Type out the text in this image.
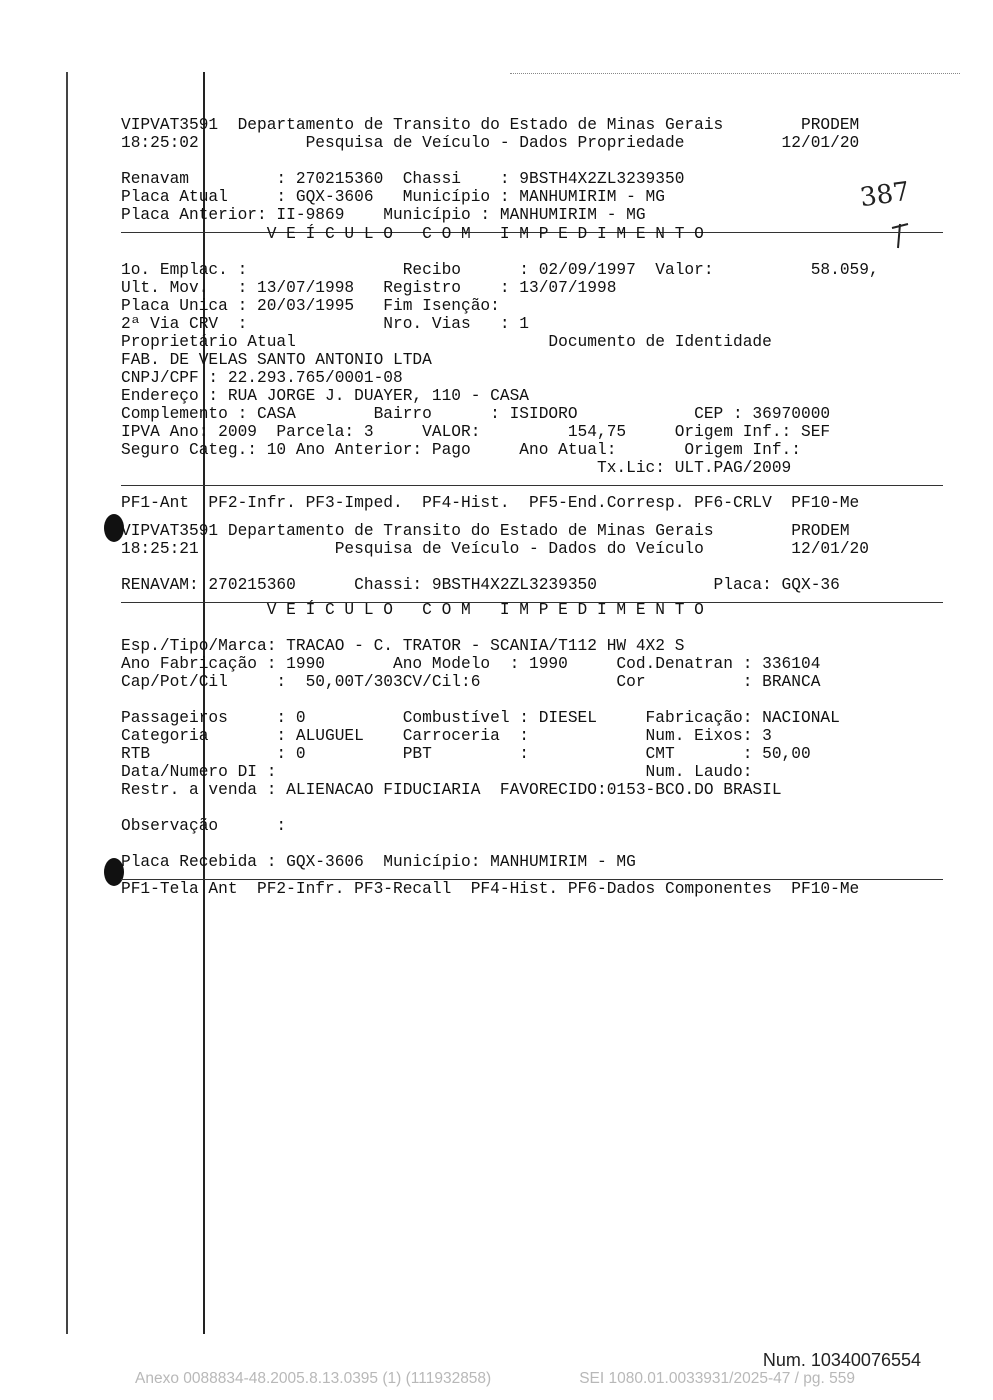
387
VIPVAT3591  Departamento de Transito do Estado de Minas Gerais        PRODEM
18:25:02           Pesquisa de Veículo - Dados Propriedade          12/01/20
Renavam         : 270215360  Chassi    : 9BSTH4X2ZL3239350
Placa Atual     : GQX-3606   Município : MANHUMIRIM - MG
Placa Anterior: II-9869    Município : MANHUMIRIM - MG
V E Í C U L O   C O M   I M P E D I M E N T O
1o. Emplac. :                Recibo      : 02/09/1997  Valor:          58.059,
Ult. Mov.   : 13/07/1998   Registro    : 13/07/1998
Placa Unica : 20/03/1995   Fim Isenção:
2ª Via CRV  :              Nro. Vias   : 1
Proprietário Atual                          Documento de Identidade
FAB. DE VELAS SANTO ANTONIO LTDA
CNPJ/CPF : 22.293.765/0001-08
Endereço : RUA JORGE J. DUAYER, 110 - CASA
Complemento : CASA        Bairro      : ISIDORO            CEP : 36970000
IPVA Ano: 2009  Parcela: 3     VALOR:         154,75     Origem Inf.: SEF
Seguro Categ.: 10 Ano Anterior: Pago     Ano Atual:       Origem Inf.:
Tx.Lic: ULT.PAG/2009
PF1-Ant  PF2-Infr. PF3-Imped.  PF4-Hist.  PF5-End.Corresp. PF6-CRLV  PF10-Me
VIPVAT3591 Departamento de Transito do Estado de Minas Gerais        PRODEM
18:25:21              Pesquisa de Veículo - Dados do Veículo         12/01/20
RENAVAM: 270215360      Chassi: 9BSTH4X2ZL3239350            Placa: GQX-36
V E Í C U L O   C O M   I M P E D I M E N T O
Esp./Tipo/Marca: TRACAO - C. TRATOR - SCANIA/T112 HW 4X2 S
Ano Fabricação : 1990       Ano Modelo  : 1990     Cod.Denatran : 336104
Cap/Pot/Cil     :  50,00T/303CV/Cil:6              Cor          : BRANCA
Passageiros     : 0          Combustível : DIESEL     Fabricação: NACIONAL
Categoria       : ALUGUEL    Carroceria  :            Num. Eixos: 3
RTB             : 0          PBT         :            CMT       : 50,00
Data/Numero DI :                                      Num. Laudo:
Restr. a venda : ALIENACAO FIDUCIARIA  FAVORECIDO:0153-BCO.DO BRASIL
Observação      :
Placa Recebida : GQX-3606  Município: MANHUMIRIM - MG
PF1-Tela Ant  PF2-Infr. PF3-Recall  PF4-Hist. PF6-Dados Componentes  PF10-Me
Num. 10340076554
Anexo 0088834-48.2005.8.13.0395 (1) (111932858)	SEI 1080.01.0033931/2025-47 / pg. 559
